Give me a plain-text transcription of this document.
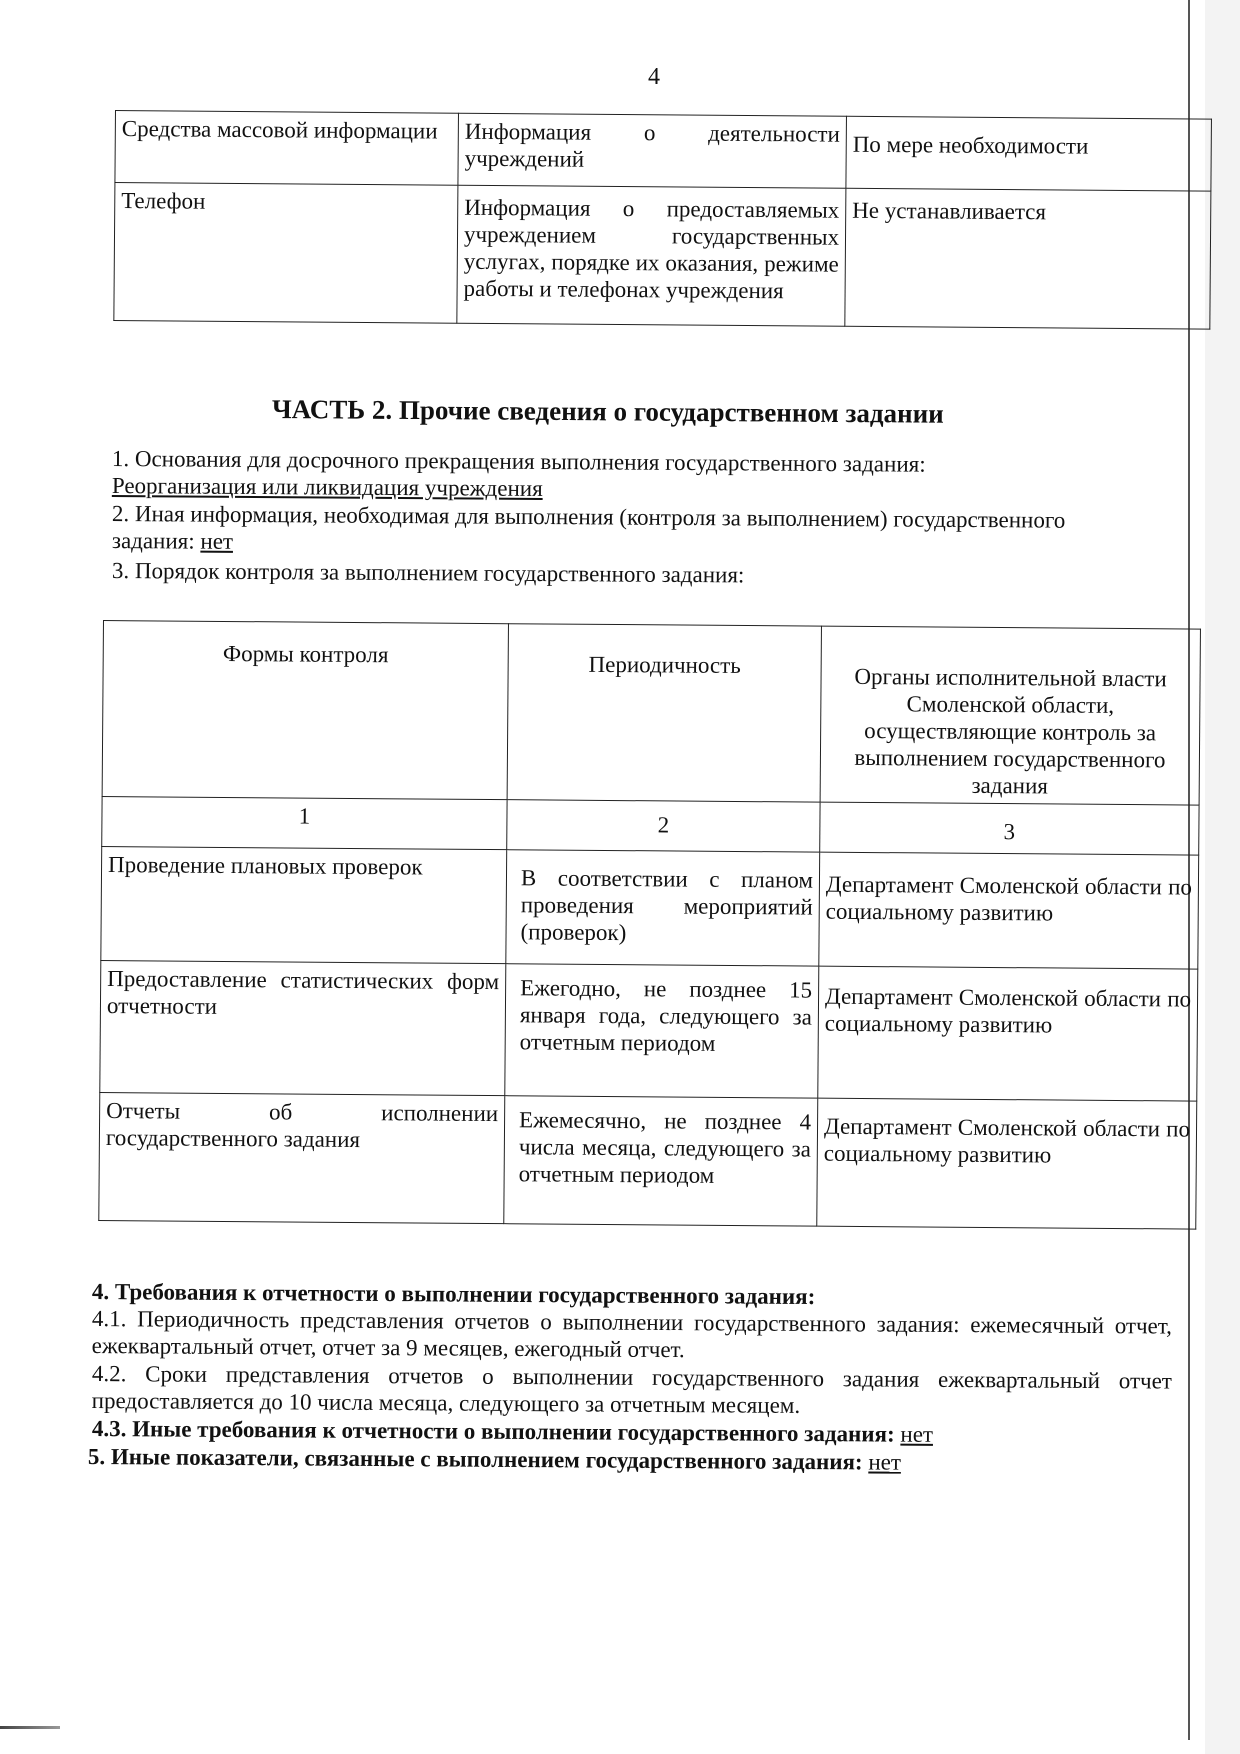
4
Средства массовой информации	Информация о деятельности учреждений	По мере необходимости
Телефон	Информация о предоставляемых учреждением государственных услугах, порядке их оказания, режиме работы и телефонах учреждения	Не устанавливается
ЧАСТЬ 2. Прочие сведения о государственном задании
1. Основания для досрочного прекращения выполнения государственного задания:
Реорганизация или ликвидация учреждения
2. Иная информация, необходимая для выполнения (контроля за выполнением) государственного
задания: нет
3. Порядок контроля за выполнением государственного задания:
Формы контроля	Периодичность	Органы исполнительной власти Смоленской области, осуществляющие контроль за выполнением государственного задания
1	2	3
Проведение плановых проверок	В соответствии с планом проведения мероприятий (проверок)	Департамент Смоленской области по социальному развитию
Предоставление статистических форм отчетности	Ежегодно, не позднее 15 января года, следующего за отчетным периодом	Департамент Смоленской области по социальному развитию
Отчеты об исполнении государственного задания	Ежемесячно, не позднее 4 числа месяца, следующего за отчетным периодом	Департамент Смоленской области по социальному развитию
4. Требования к отчетности о выполнении государственного задания:
4.1. Периодичность представления отчетов о выполнении государственного задания: ежемесячный отчет, ежеквартальный отчет, отчет за 9 месяцев, ежегодный отчет.
4.2. Сроки представления отчетов о выполнении государственного задания ежеквартальный отчет предоставляется до 10 числа месяца, следующего за отчетным месяцем.
4.3. Иные требования к отчетности о выполнении государственного задания: нет
5. Иные показатели, связанные с выполнением государственного задания: нет
